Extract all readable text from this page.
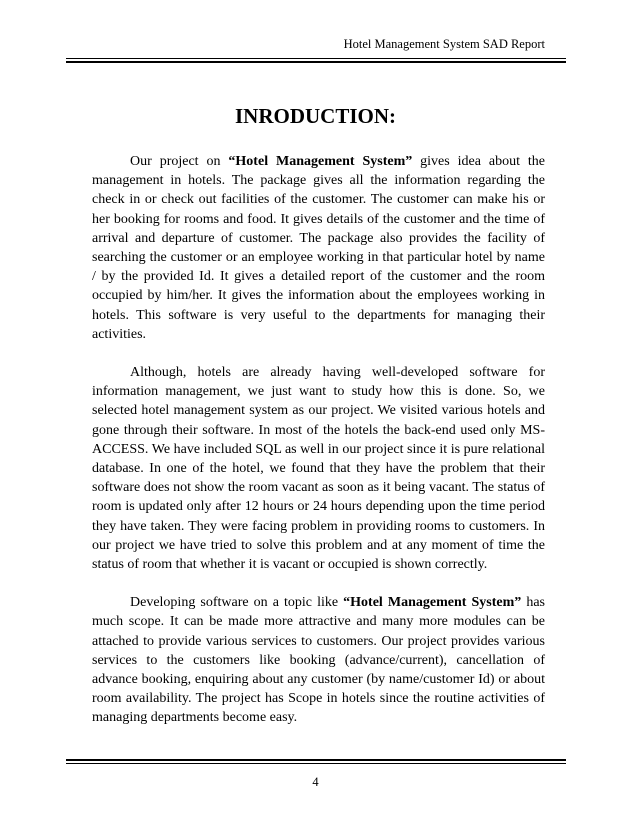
Hotel Management System SAD Report
INRODUCTION:

Our project on “Hotel Management System” gives idea about the management in hotels. The package gives all the information regarding the check in or check out facilities of the customer. The customer can make his or her booking for rooms and food. It gives details of the customer and the time of arrival and departure of customer. The package also provides the facility of searching the customer or an employee working in that particular hotel by name / by the provided Id. It gives a detailed report of the customer and the room occupied by him/her. It gives the information about the employees working in hotels. This software is very useful to the departments for managing their activities.

Although, hotels are already having well-developed software for information management, we just want to study how this is done. So, we selected hotel management system as our project. We visited various hotels and gone through their software. In most of the hotels the back-end used only MS-ACCESS. We have included SQL as well in our project since it is pure relational database. In one of the hotel, we found that they have the problem that their software does not show the room vacant as soon as it being vacant. The status of room is updated only after 12 hours or 24 hours depending upon the time period they have taken. They were facing problem in providing rooms to customers. In our project we have tried to solve this problem and at any moment of time the status of room that whether it is vacant or occupied is shown correctly.

Developing software on a topic like “Hotel Management System” has much scope. It can be made more attractive and many more modules can be attached to provide various services to customers. Our project provides various services to the customers like booking (advance/current), cancellation of advance booking, enquiring about any customer (by name/customer Id) or about room availability. The project has Scope in hotels since the routine activities of managing departments become easy.

4
